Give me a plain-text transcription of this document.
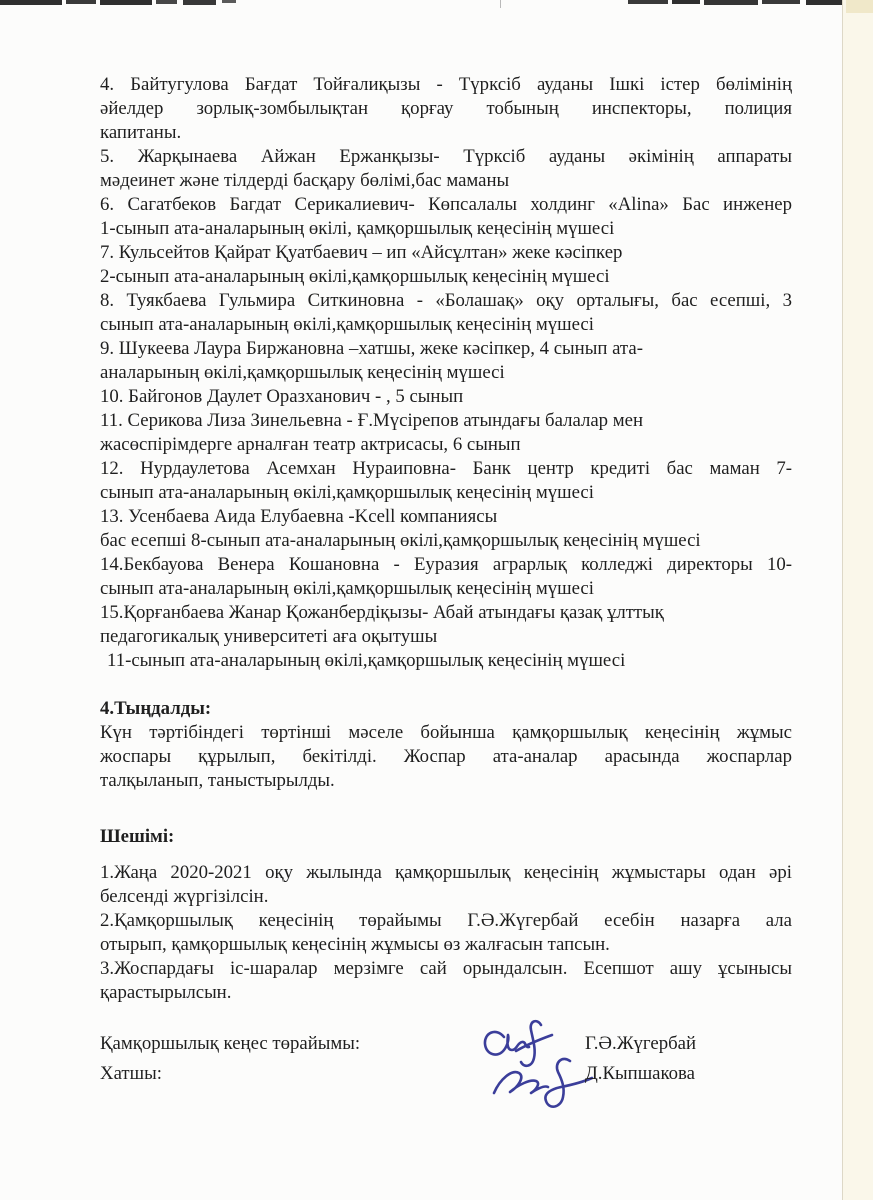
4. Байтугулова Бағдат Тойғалиқызы - Түрксіб ауданы Ішкі істер бөлімінің
әйелдер зорлық-зомбылықтан қорғау тобының инспекторы, полиция
капитаны.
5. Жарқынаева Айжан Ержанқызы- Түрксіб ауданы әкімінің аппараты
мәдеинет және тілдерді басқару бөлімі,бас маманы
6. Сагатбеков Багдат Серикалиевич- Көпсалалы холдинг «Alina» Бас инженер
1-сынып ата-аналарының өкілі, қамқоршылық кеңесінің мүшесі
7. Кульсейтов Қайрат Қуатбаевич – ип «Айсұлтан» жеке кәсіпкер
2-сынып ата-аналарының өкілі,қамқоршылық кеңесінің мүшесі
8. Туякбаева Гульмира Ситкиновна - «Болашақ» оқу орталығы, бас есепші, 3
сынып ата-аналарының өкілі,қамқоршылық кеңесінің мүшесі
9. Шукеева Лаура Биржановна –хатшы, жеке кәсіпкер, 4 сынып ата-
аналарының өкілі,қамқоршылық кеңесінің мүшесі
10. Байгонов Даулет Оразханович - , 5 сынып
11. Серикова Лиза Зинельевна - Ғ.Мүсірепов атындағы балалар мен
жасөспірімдерге арналған театр актрисасы, 6 сынып
12. Нурдаулетова Асемхан Нураиповна- Банк центр кредиті бас маман 7-
сынып ата-аналарының өкілі,қамқоршылық кеңесінің мүшесі
13. Усенбаева Аида Елубаевна -Kcell компаниясы
бас есепші 8-сынып ата-аналарының өкілі,қамқоршылық кеңесінің мүшесі
14.Бекбауова Венера Кошановна - Еуразия аграрлық колледжі директоры 10-
сынып ата-аналарының өкілі,қамқоршылық кеңесінің мүшесі
15.Қорғанбаева Жанар Қожанбердіқызы- Абай атындағы қазақ ұлттық
педагогикалық университеті аға оқытушы
11-сынып ата-аналарының өкілі,қамқоршылық кеңесінің мүшесі
4.Тыңдалды:
Күн тәртібіндегі төртінші мәселе бойынша қамқоршылық кеңесінің жұмыс
жоспары құрылып, бекітілді. Жоспар ата-аналар арасында жоспарлар
талқыланып, таныстырылды.
Шешімі:
1.Жаңа 2020-2021 оқу жылында қамқоршылық кеңесінің жұмыстары одан әрі
белсенді жүргізілсін.
2.Қамқоршылық кеңесінің төрайымы Г.Ә.Жүгербай есебін назарға ала
отырып, қамқоршылық кеңесінің жұмысы өз жалғасын тапсын.
3.Жоспардағы іс-шаралар мерзімге сай орындалсын. Есепшот ашу ұсынысы
қарастырылсын.
Қамқоршылық кеңес төрайымы:
Хатшы:
Г.Ә.Жүгербай
Д.Кыпшакова
